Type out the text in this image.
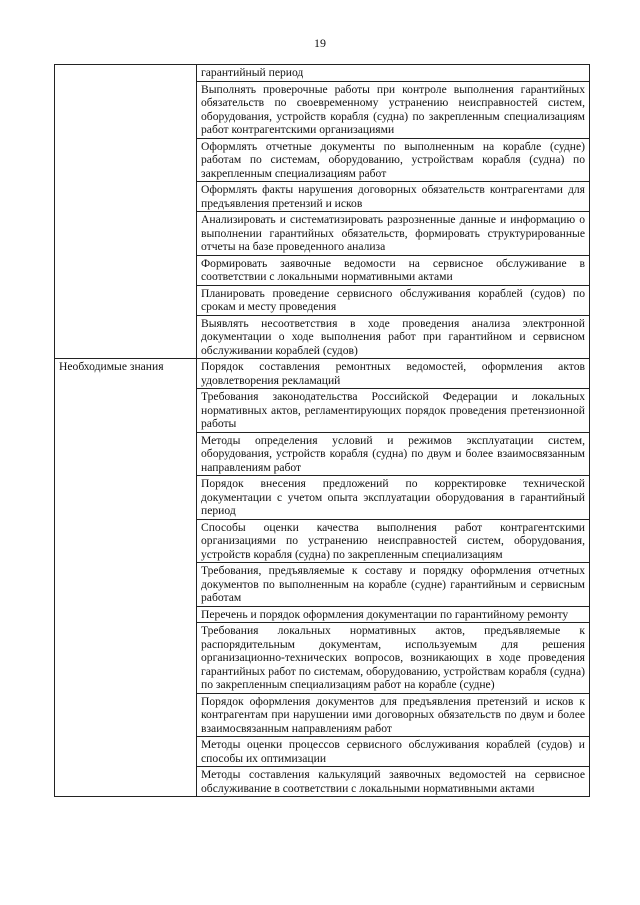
19
	гарантийный период
	Выполнять проверочные работы при контроле выполнения гарантийных обязательств по своевременному устранению неисправностей систем, оборудования, устройств корабля (судна) по закрепленным специализациям работ контрагентскими организациями
	Оформлять отчетные документы по выполненным на корабле (судне) работам по системам, оборудованию, устройствам корабля (судна) по закрепленным специализациям работ
	Оформлять факты нарушения договорных обязательств контрагентами для предъявления претензий и исков
	Анализировать и систематизировать разрозненные данные и информацию о выполнении гарантийных обязательств, формировать структурированные отчеты на базе проведенного анализа
	Формировать заявочные ведомости на сервисное обслуживание в соответствии с локальными нормативными актами
	Планировать проведение сервисного обслуживания кораблей (судов) по срокам и месту проведения
	Выявлять несоответствия в ходе проведения анализа электронной документации о ходе выполнения работ при гарантийном и сервисном обслуживании кораблей (судов)
Необходимые знания	Порядок составления ремонтных ведомостей, оформления актов удовлетворения рекламаций
	Требования законодательства Российской Федерации и локальных нормативных актов, регламентирующих порядок проведения претензионной работы
	Методы определения условий и режимов эксплуатации систем, оборудования, устройств корабля (судна) по двум и более взаимосвязанным направлениям работ
	Порядок внесения предложений по корректировке технической документации с учетом опыта эксплуатации оборудования в гарантийный период
	Способы оценки качества выполнения работ контрагентскими организациями по устранению неисправностей систем, оборудования, устройств корабля (судна) по закрепленным специализациям
	Требования, предъявляемые к составу и порядку оформления отчетных документов по выполненным на корабле (судне) гарантийным и сервисным работам
	Перечень и порядок оформления документации по гарантийному ремонту
	Требования локальных нормативных актов, предъявляемые к распорядительным документам, используемым для решения организационно-технических вопросов, возникающих в ходе проведения гарантийных работ по системам, оборудованию, устройствам корабля (судна) по закрепленным специализациям работ на корабле (судне)
	Порядок оформления документов для предъявления претензий и исков к контрагентам при нарушении ими договорных обязательств по двум и более взаимосвязанным направлениям работ
	Методы оценки процессов сервисного обслуживания кораблей (судов) и способы их оптимизации
	Методы составления калькуляций заявочных ведомостей на сервисное обслуживание в соответствии с локальными нормативными актами
